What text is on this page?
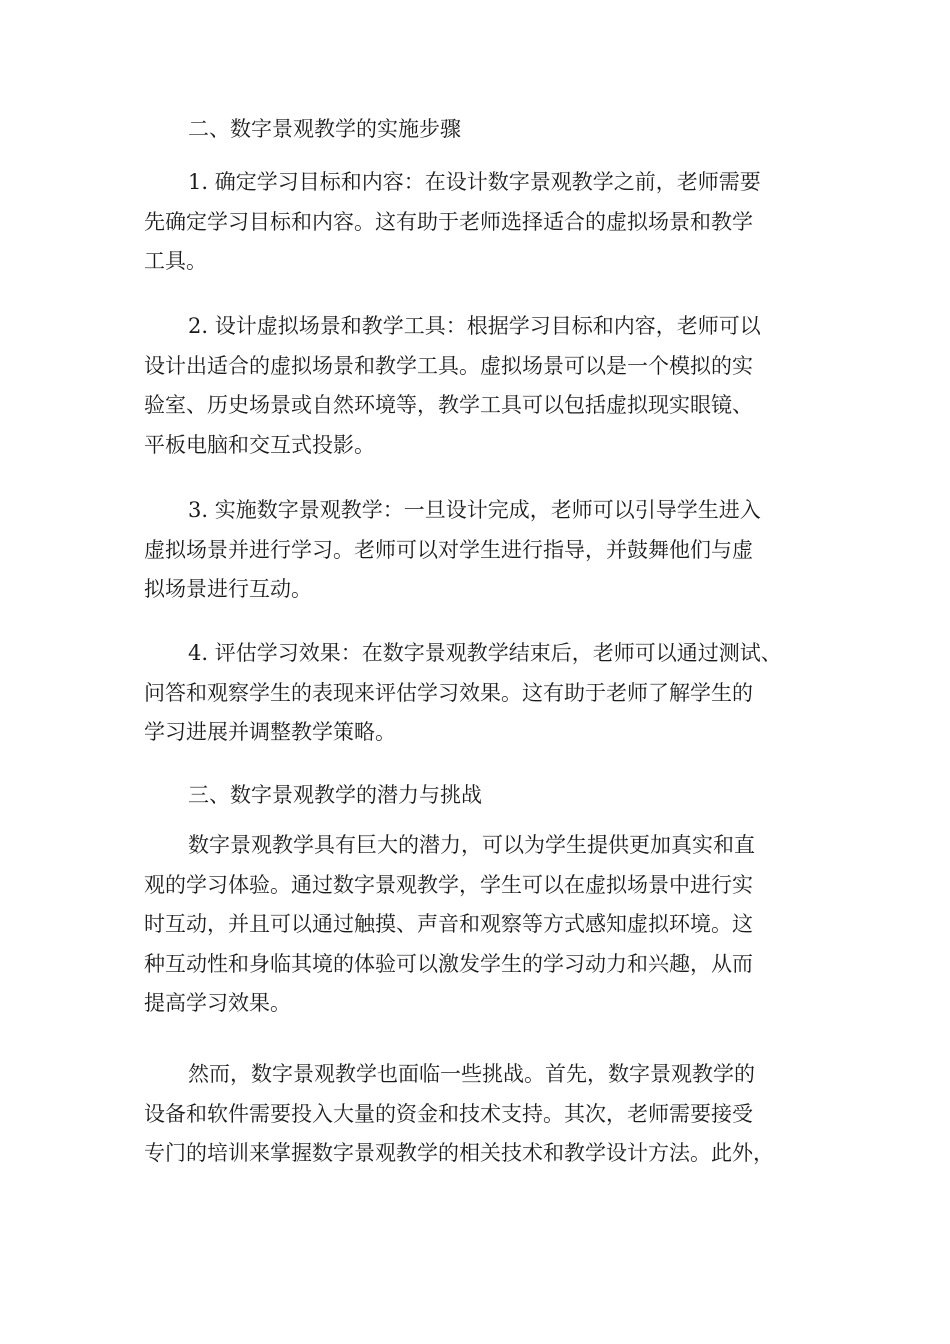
二、数字景观教学的实施步骤

1. 确定学习目标和内容：在设计数字景观教学之前，老师需要
先确定学习目标和内容。这有助于老师选择适合的虚拟场景和教学
工具。

2. 设计虚拟场景和教学工具：根据学习目标和内容，老师可以
设计出适合的虚拟场景和教学工具。虚拟场景可以是一个模拟的实
验室、历史场景或自然环境等，教学工具可以包括虚拟现实眼镜、
平板电脑和交互式投影。

3. 实施数字景观教学：一旦设计完成，老师可以引导学生进入
虚拟场景并进行学习。老师可以对学生进行指导，并鼓舞他们与虚
拟场景进行互动。

4. 评估学习效果：在数字景观教学结束后，老师可以通过测试、
问答和观察学生的表现来评估学习效果。这有助于老师了解学生的
学习进展并调整教学策略。

三、数字景观教学的潜力与挑战

数字景观教学具有巨大的潜力，可以为学生提供更加真实和直
观的学习体验。通过数字景观教学，学生可以在虚拟场景中进行实
时互动，并且可以通过触摸、声音和观察等方式感知虚拟环境。这
种互动性和身临其境的体验可以激发学生的学习动力和兴趣，从而
提高学习效果。

然而，数字景观教学也面临一些挑战。首先，数字景观教学的
设备和软件需要投入大量的资金和技术支持。其次，老师需要接受
专门的培训来掌握数字景观教学的相关技术和教学设计方法。此外，
